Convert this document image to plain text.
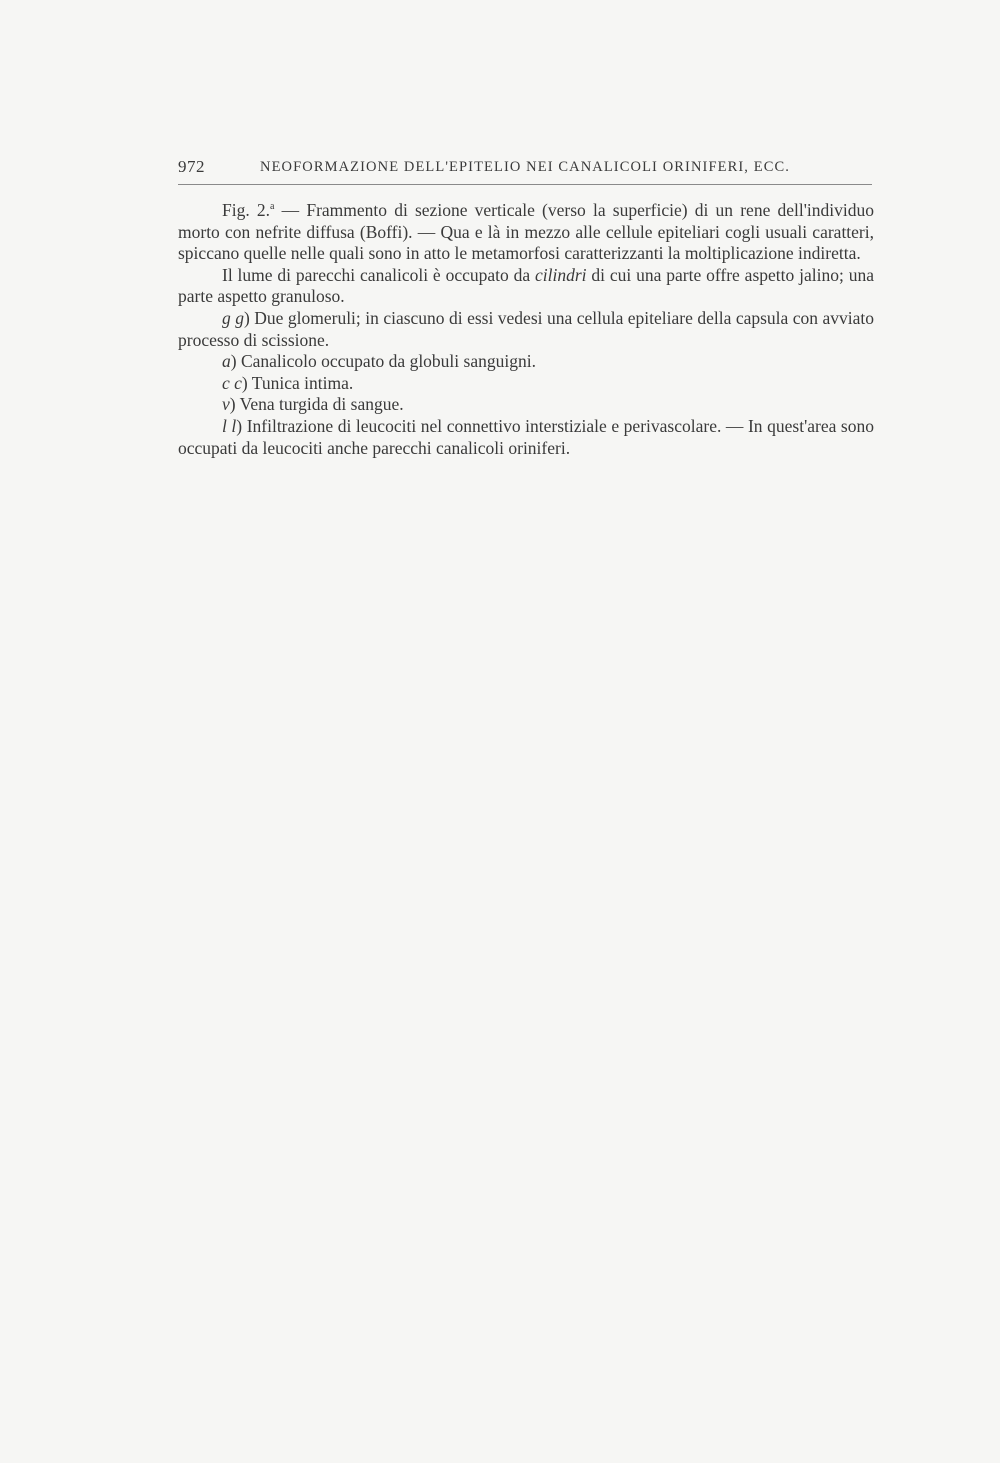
972	NEOFORMAZIONE DELL'EPITELIO NEI CANALICOLI ORINIFERI, ECC.

Fig. 2.$^a$ — Frammento di sezione verticale (verso la superficie) di un rene dell'individuo morto con nefrite diffusa (Boffi). — Qua e là in mezzo alle cellule epiteliari cogli usuali caratteri, spiccano quelle nelle quali sono in atto le metamorfosi caratterizzanti la moltiplicazione indiretta.

Il lume di parecchi canalicoli è occupato da cilindri di cui una parte offre aspetto jalino; una parte aspetto granuloso.

g g) Due glomeruli; in ciascuno di essi vedesi una cellula epiteliare della capsula con avviato processo di scissione.

a) Canalicolo occupato da globuli sanguigni.

c c) Tunica intima.

v) Vena turgida di sangue.

l l) Infiltrazione di leucociti nel connettivo interstiziale e perivascolare. — In quest'area sono occupati da leucociti anche parecchi canalicoli oriniferi.
